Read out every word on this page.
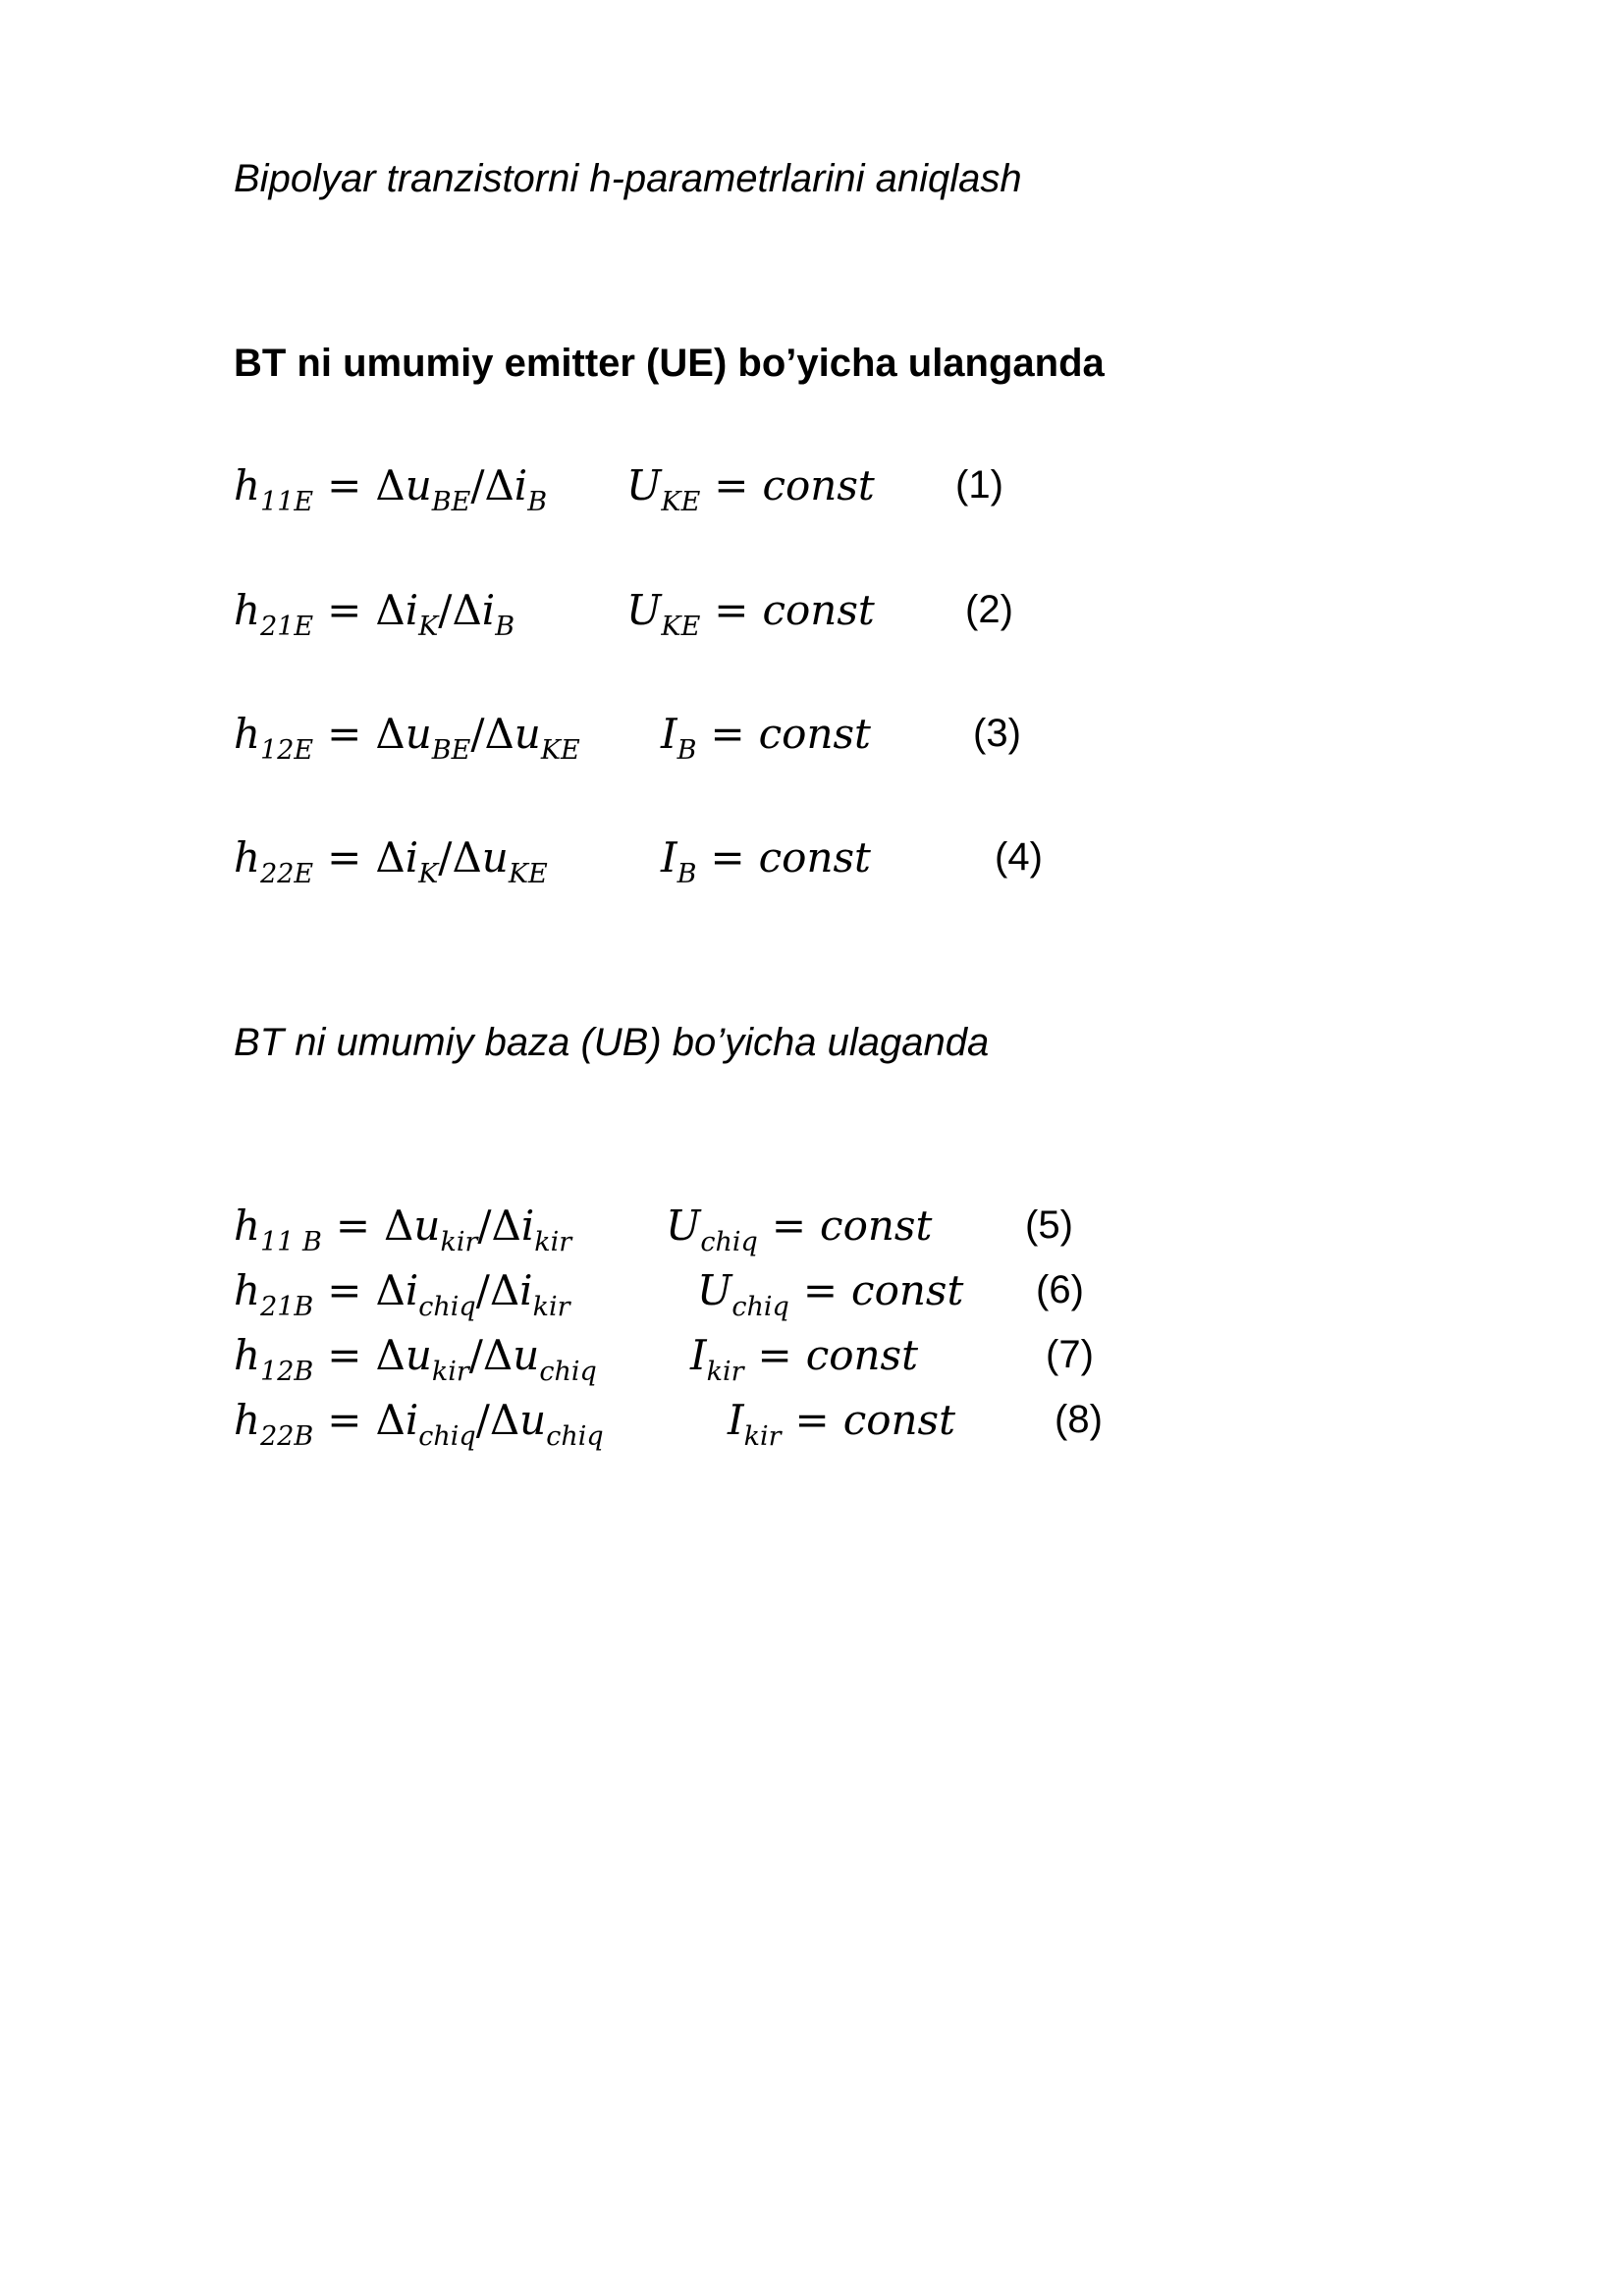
Bipolyar tranzistorni h-parametrlarini aniqlash
BT ni umumiy emitter (UE) bo’yicha ulanganda
$h_{11E} = \Delta u_{BE}/\Delta i_B$ $U_{KE}$ = const (1)
$h_{21E} = \Delta i_K/\Delta i_B$	$U_{KE}$ = const (2)
$h_{12E} = \Delta u_{BE}/\Delta u_{KE}$ $I_B$ = const	(3)
$h_{22E} = \Delta i_K/\Delta u_{KE}$	$I_B$ = const	(4)
BT ni umumiy baza (UB) bo’yicha ulaganda
$h_{11 B} = \Delta u_{kir}/\Delta i_{kir}$ $U_{chiq}$ = const (5)
$h_{21B} = \Delta i_{chiq}/\Delta i_{kir}$	$U_{chiq}$ = const (6)
$h_{12B} = \Delta u_{kir}/\Delta u_{chiq}$ $I_{kir}$ = const	(7)
$h_{22B} = \Delta i_{chiq}/\Delta u_{chiq}$	$I_{kir}$ = const	(8)
